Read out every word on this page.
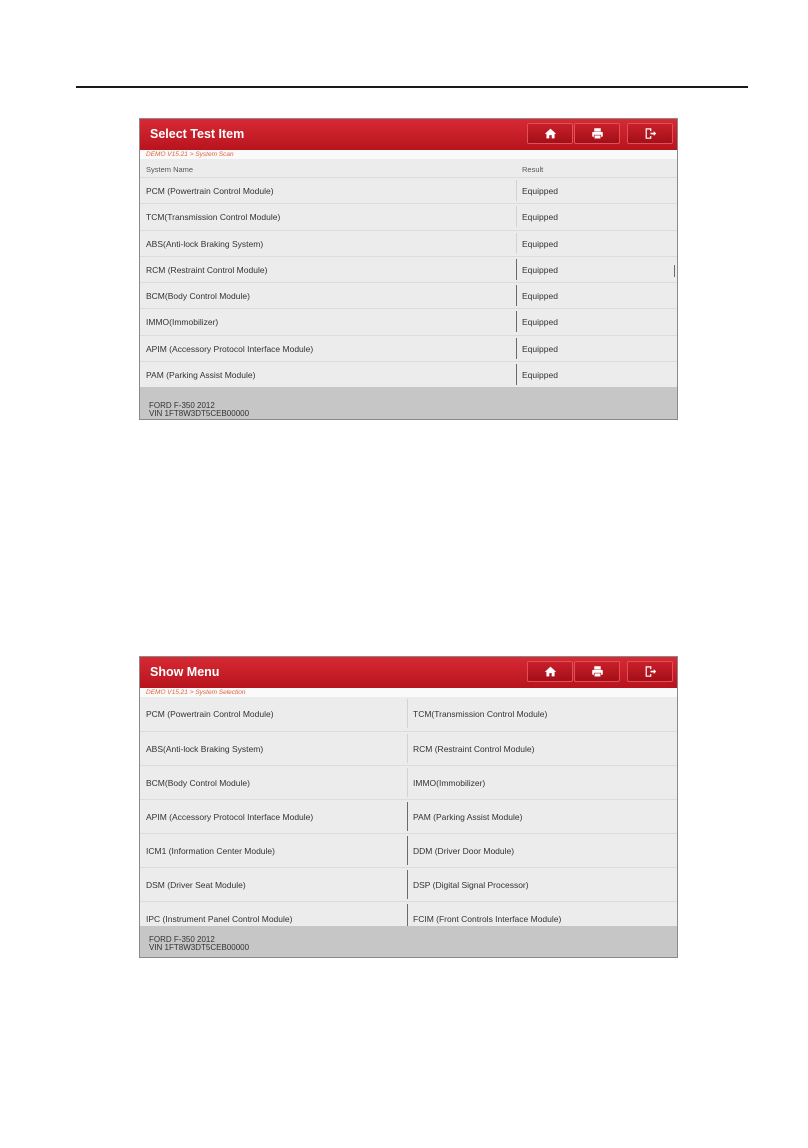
Select Test Item
DEMO V15.21 > System Scan
System Name	Result
PCM (Powertrain Control Module)	Equipped
TCM(Transmission Control Module)	Equipped
ABS(Anti-lock Braking System)	Equipped
RCM (Restraint Control Module)	Equipped
BCM(Body Control Module)	Equipped
IMMO(Immobilizer)	Equipped
APIM (Accessory Protocol Interface Module)	Equipped
PAM (Parking Assist Module)	Equipped
FORD F-350 2012
VIN 1FT8W3DT5CEB00000
Show Menu
DEMO V15.21 > System Selection
PCM (Powertrain Control Module)	TCM(Transmission Control Module)
ABS(Anti-lock Braking System)	RCM (Restraint Control Module)
BCM(Body Control Module)	IMMO(Immobilizer)
APIM (Accessory Protocol Interface Module)	PAM (Parking Assist Module)
ICM1 (Information Center Module)	DDM (Driver Door Module)
DSM (Driver Seat Module)	DSP (Digital Signal Processor)
IPC (Instrument Panel Control Module)	FCIM (Front Controls Interface Module)
FORD F-350 2012
VIN 1FT8W3DT5CEB00000
